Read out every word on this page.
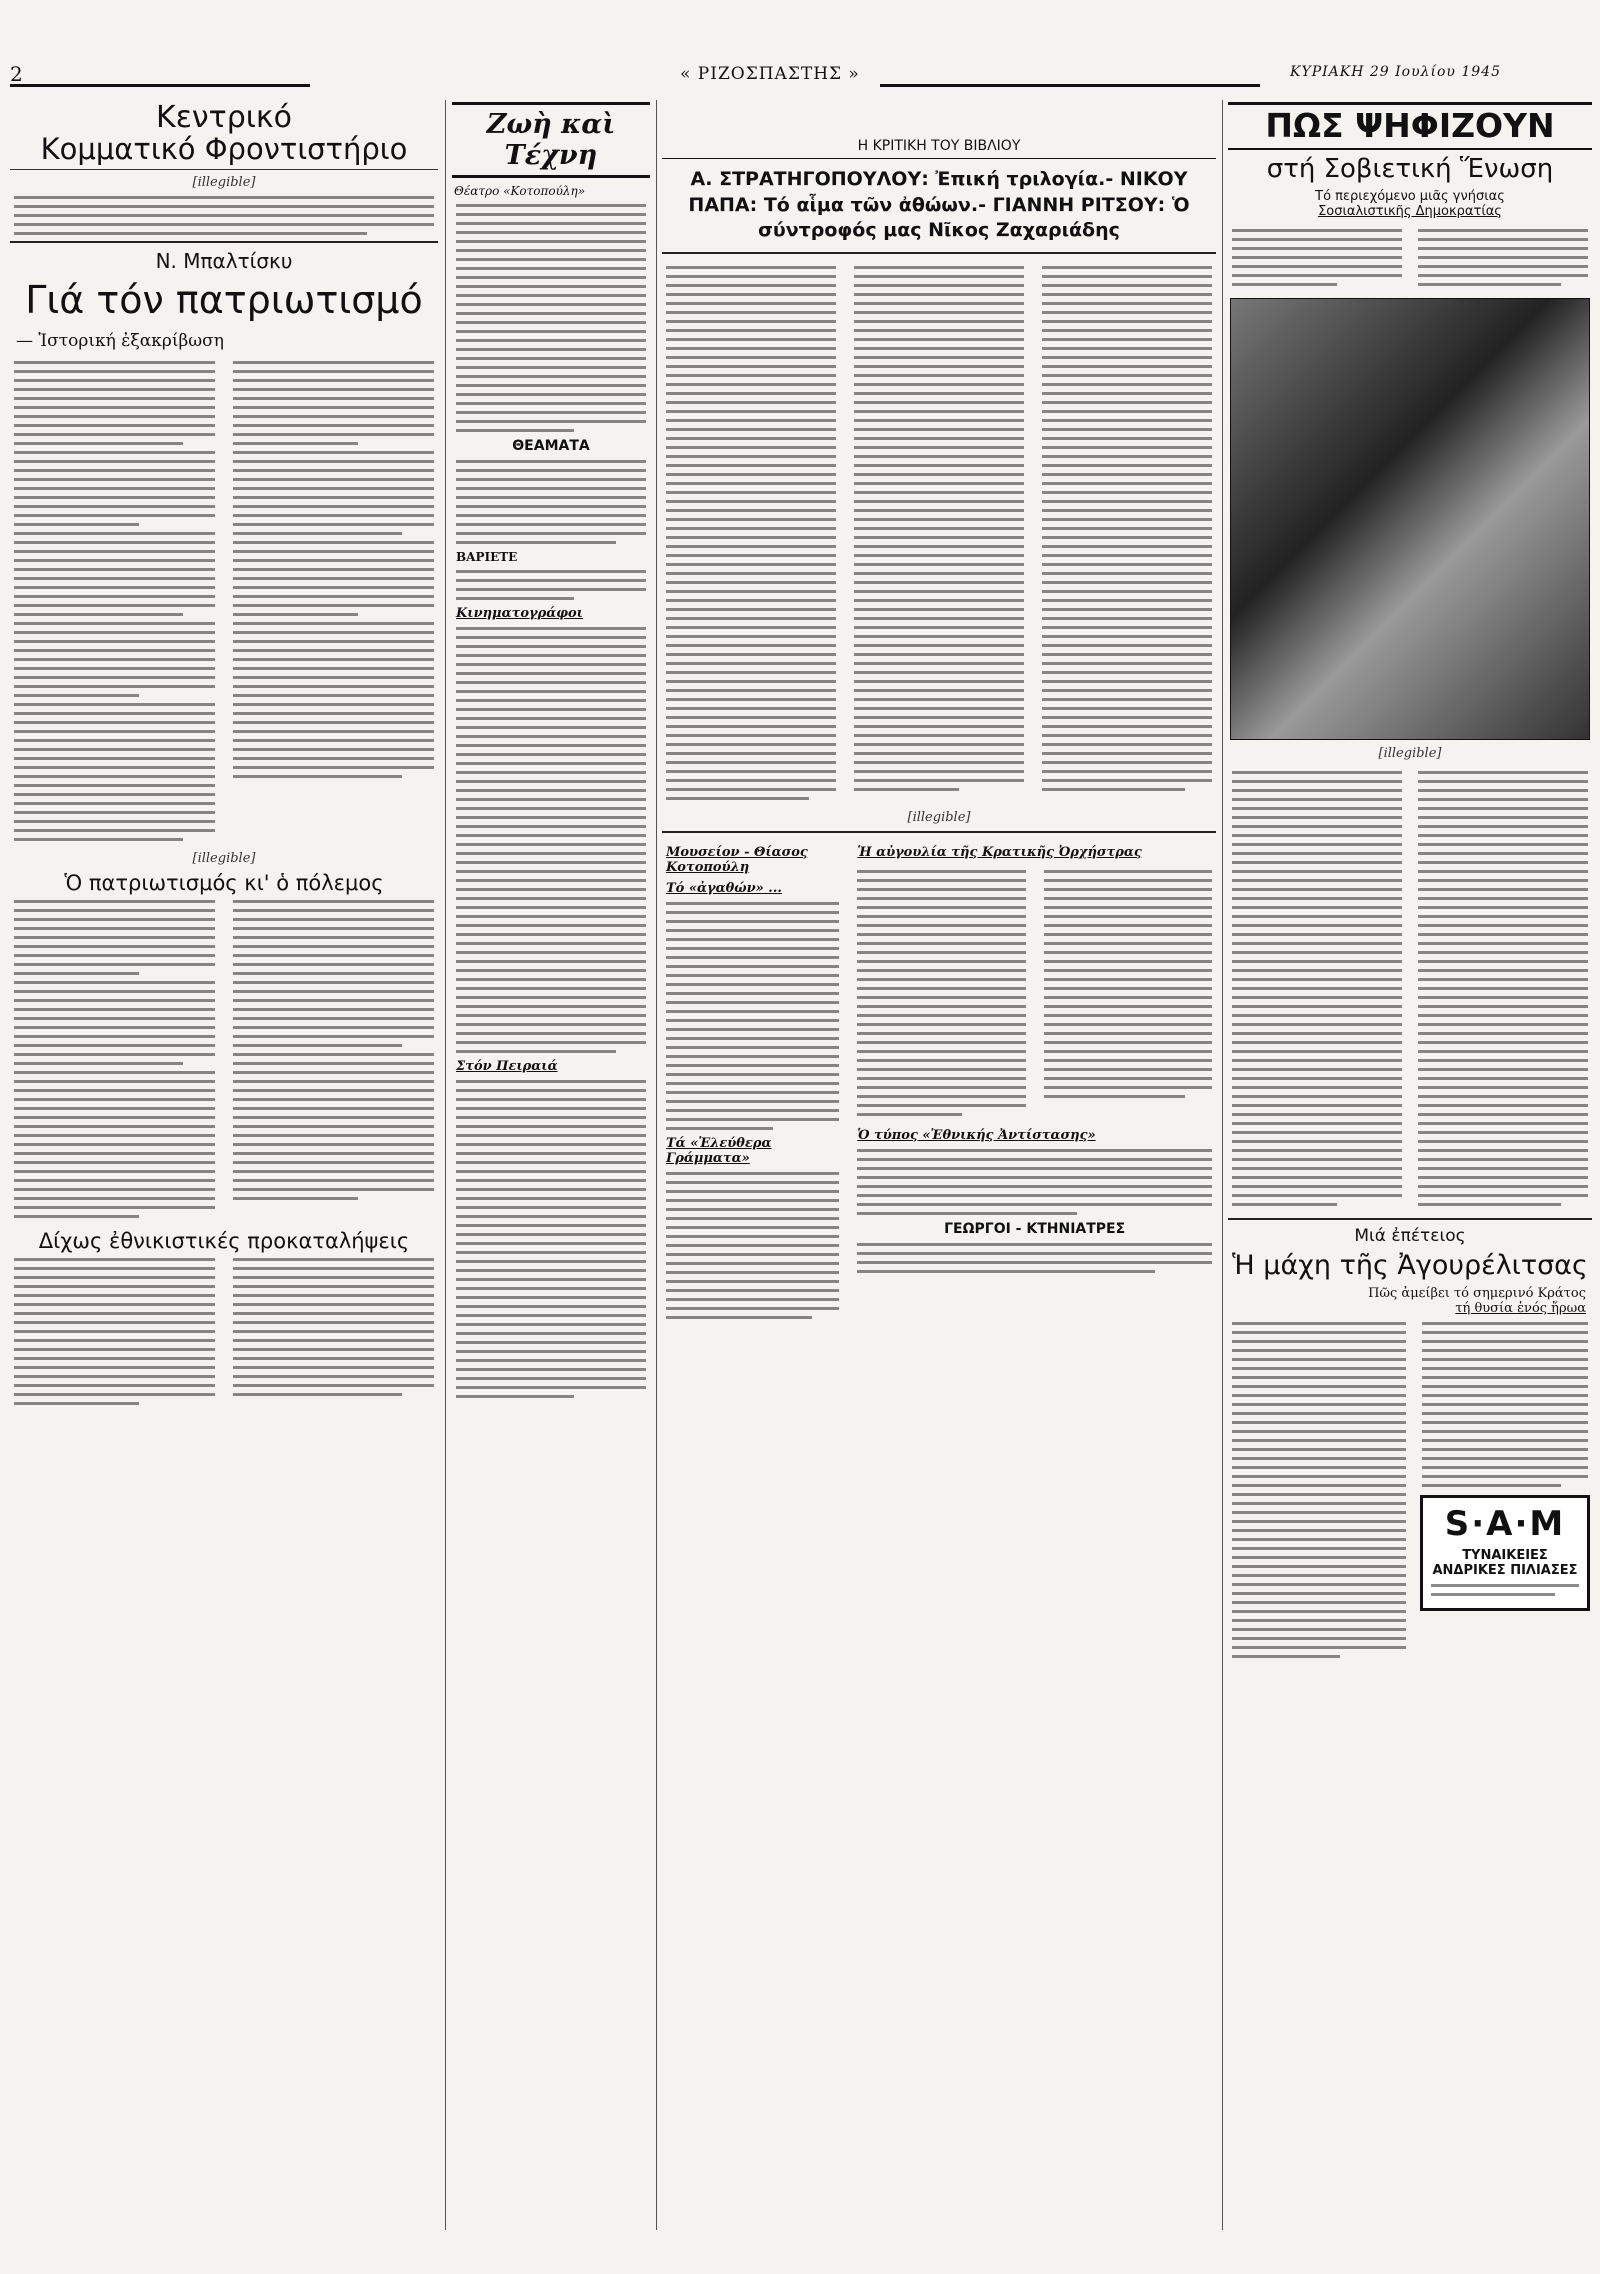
2	« ΡΙΖΟΣΠΑΣΤΗΣ »	ΚΥΡΙΑΚΗ 29 Ιουλίου 1945
Κεντρικό
Κομματικό Φροντιστήριο
[illegible]
Ν. Μπαλτίσκυ
Γιά τόν πατριωτισμό
— Ἱστορική ἐξακρίβωση
[illegible]
Ὁ πατριωτισμός κι' ὁ πόλεμος
Δίχως ἐθνικιστικές προκαταλήψεις
Ζωὴ καὶ Τέχνη
Θέατρο «Κοτοπούλη»
ΘΕΑΜΑΤΑ
ΒΑΡΙΕΤΕ
Κινηματογράφοι
Στόν Πειραιά
Η ΚΡΙΤΙΚΗ ΤΟΥ ΒΙΒΛΙΟΥ
Α. ΣΤΡΑΤΗΓΟΠΟΥΛΟΥ: Ἐπική τριλογία.- ΝΙΚΟΥ ΠΑΠΑ: Τό αἷμα τῶν ἀθώων.- ΓΙΑΝΝΗ ΡΙΤΣΟΥ: Ὁ σύντροφός μας Νῖκος Ζαχαριάδης
[illegible]
Μουσείον - Θίασος Κοτοπούλη
Τό «ἀγαθών» ...
Τά «Ἐλεύθερα Γράμματα»
Ἡ αὐγουλία τῆς Κρατικῆς Ὀρχήστρας
Ὁ τύπος «Ἐθνικής Ἀντίστασης»
ΓΕΩΡΓΟΙ - ΚΤΗΝΙΑΤΡΕΣ
ΠΩΣ ΨΗΦΙΖΟΥΝ
στή Σοβιετική Ἕνωση
Τό περιεχόμενο μιᾶς γνήσιας
Σοσιαλιστικῆς Δημοκρατίας
[illegible]
Μιά ἐπέτειος
Ἡ μάχη τῆς Ἀγουρέλιτσας
Πῶς ἀμείβει τό σημερινό Κράτος
τή θυσία ἑνός ἥρωα
S·A·M
ΤΥΝΑΙΚΕΙΕΣ ΑΝΔΡΙΚΕΣ ΠΙΛΙΑΣΕΣ
